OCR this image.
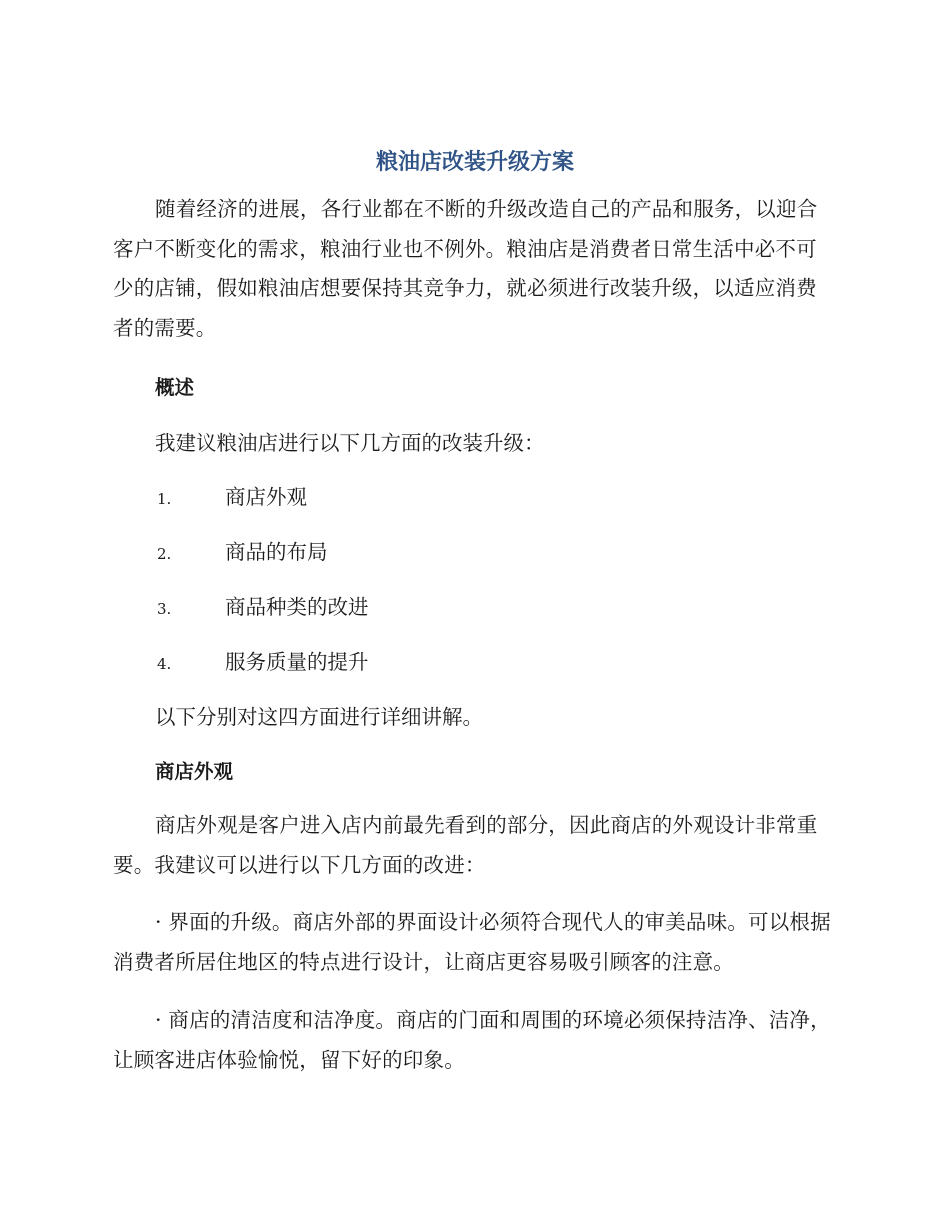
粮油店改装升级方案

随着经济的进展，各行业都在不断的升级改造自己的产品和服务，以迎合客户不断变化的需求，粮油行业也不例外。粮油店是消费者日常生活中必不可少的店铺，假如粮油店想要保持其竞争力，就必须进行改装升级，以适应消费者的需要。

概述

我建议粮油店进行以下几方面的改装升级：

1.	商店外观
2.	商品的布局
3.	商品种类的改进
4.	服务质量的提升

以下分别对这四方面进行详细讲解。

商店外观

商店外观是客户进入店内前最先看到的部分，因此商店的外观设计非常重要。我建议可以进行以下几方面的改进：

· 界面的升级。商店外部的界面设计必须符合现代人的审美品味。可以根据消费者所居住地区的特点进行设计，让商店更容易吸引顾客的注意。

· 商店的清洁度和洁净度。商店的门面和周围的环境必须保持洁净、洁净，让顾客进店体验愉悦，留下好的印象。
